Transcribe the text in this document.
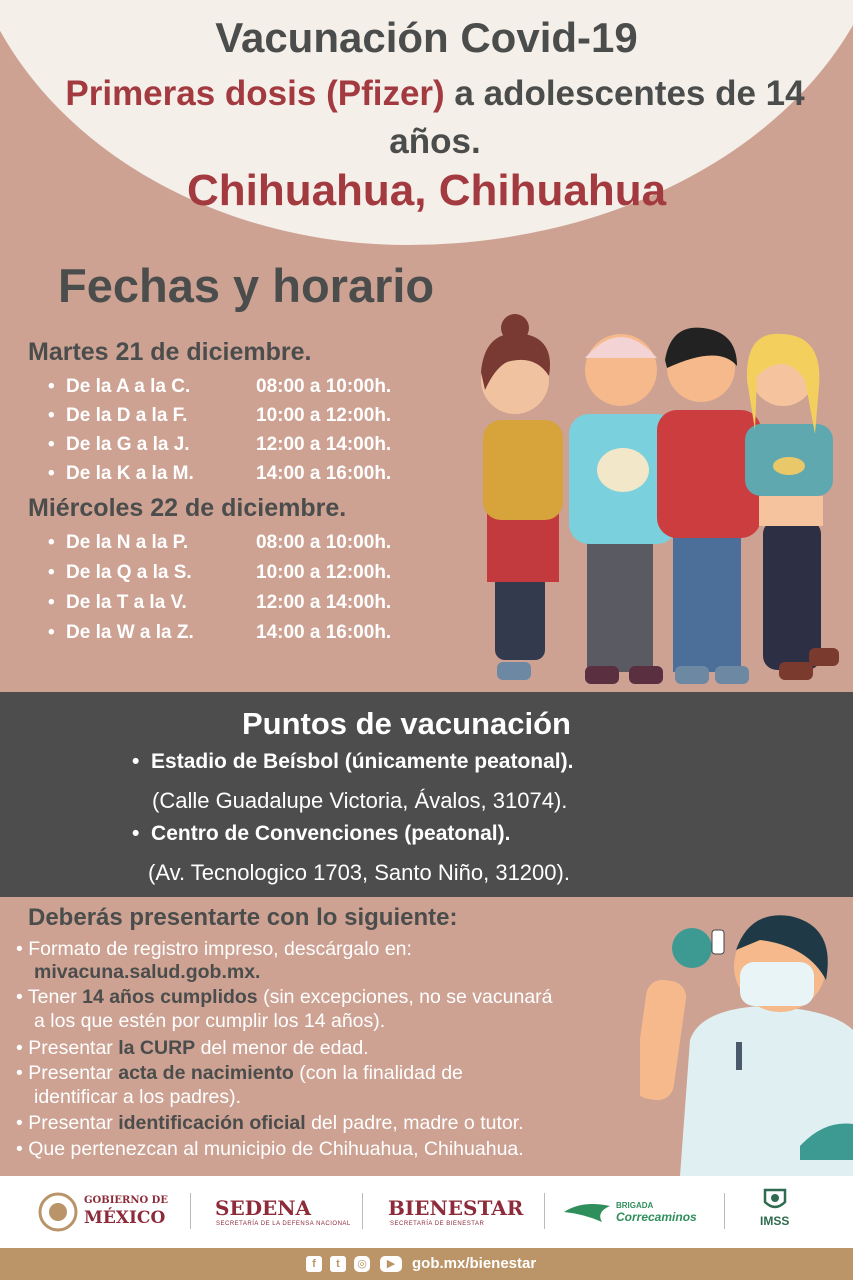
Vacunación Covid-19
Primeras dosis (Pfizer) a adolescentes de 14 años.
Chihuahua, Chihuahua
Fechas y horario
Martes 21 de diciembre.
• De la A a la C.	08:00 a 10:00h.
• De la D a la F.	10:00 a 12:00h.
• De la G a la J.	12:00 a 14:00h.
• De la K a la M.	14:00 a 16:00h.
Miércoles 22 de diciembre.
• De la N a la P.	08:00 a 10:00h.
• De la Q a la S.	10:00 a 12:00h.
• De la T a la V.	12:00 a 14:00h.
• De la W a la Z.	14:00 a 16:00h.
Puntos de vacunación
•  Estadio de Beísbol (únicamente peatonal).
(Calle Guadalupe Victoria, Ávalos, 31074).
•  Centro de Convenciones (peatonal).
(Av. Tecnologico 1703, Santo Niño, 31200).
Deberás presentarte con lo siguiente:
• Formato de registro impreso, descárgalo en:
mivacuna.salud.gob.mx.
• Tener 14 años cumplidos (sin excepciones, no se vacunará
a los que estén por cumplir los 14 años).
• Presentar la CURP del menor de edad.
• Presentar acta de nacimiento (con la finalidad de
identificar a los padres).
• Presentar identificación oficial del padre, madre o tutor.
• Que pertenezcan al municipio de Chihuahua, Chihuahua.
GOBIERNO DE
MÉXICO SEDENA
SECRETARÍA DE LA DEFENSA NACIONAL
BIENESTAR
SECRETARÍA DE BIENESTAR
BRIGADA
Correcaminos	IMSS
f	t	◎	▶	gob.mx/bienestar
